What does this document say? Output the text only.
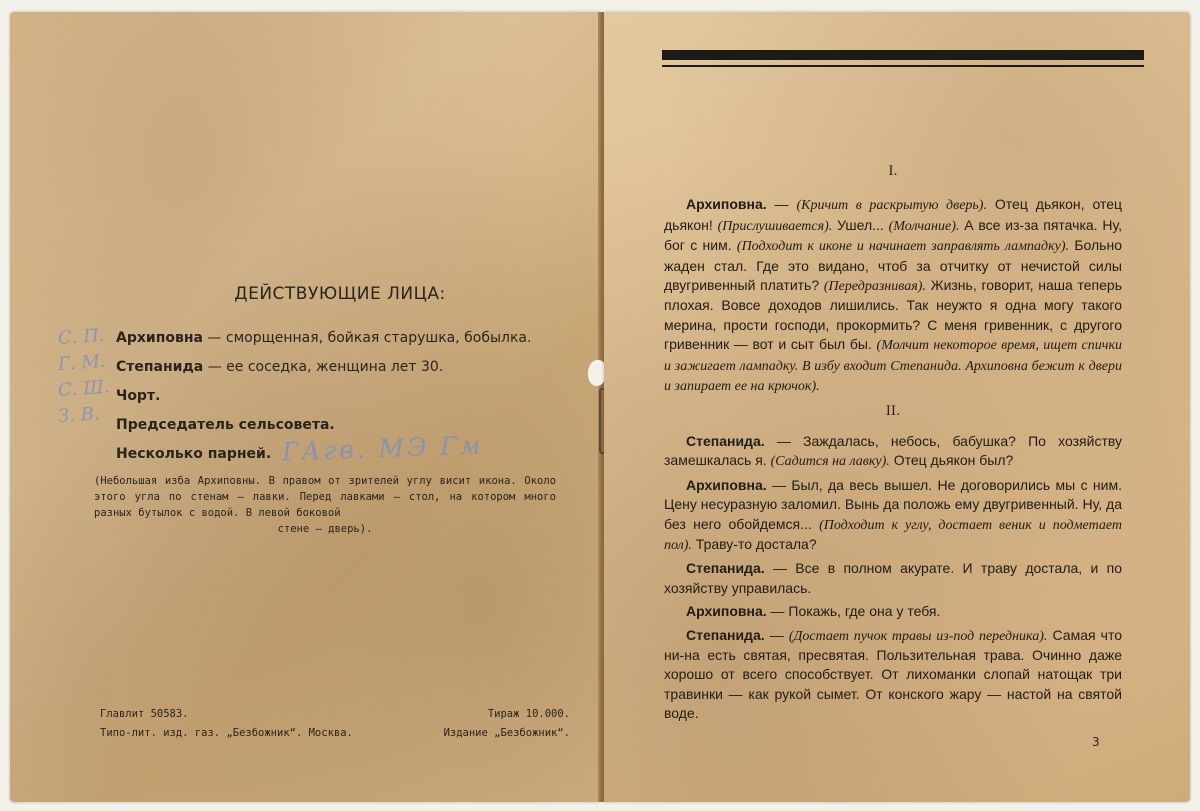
ДЕЙСТВУЮЩИЕ ЛИЦА:
Архиповна — сморщенная, бойкая старушка, бобылка.
Степанида — ее соседка, женщина лет 30.
Чорт.
Председатель сельсовета.
Несколько парней.
С. П.
Г. М.
С. Ш.
З. В.
ГАгв. МЭ Гм
(Небольшая изба Архиповны. В правом от зрителей углу висит икона. Около этого угла по стенам — лавки. Перед лавками — стол, на котором много разных бутылок с водой. В левой боковой
стене — дверь).
Главлит 50583.	Тираж 10.000.
Типо-лит. изд. газ. „Безбожник“. Москва.	Издание „Безбожник“.

I.

Архиповна. — (Кричит в раскрытую дверь). Отец дьякон, отец дьякон! (Прислушивается). Ушел... (Молчание). А все из-за пятачка. Ну, бог с ним. (Подходит к иконе и начинает заправлять лампадку). Больно жаден стал. Где это видано, чтоб за отчитку от нечистой силы двугривенный платить? (Передразнивая). Жизнь, говорит, наша теперь плохая. Вовсе доходов лишились. Так неужто я одна могу такого мерина, прости господи, прокормить? С меня гривенник, с другого гривенник — вот и сыт был бы. (Молчит некоторое время, ищет спички и зажигает лампадку. В избу входит Степанида. Архиповна бежит к двери и запирает ее на крючок).

II.

Степанида. — Заждалась, небось, бабушка? По хозяйству замешкалась я. (Садится на лавку). Отец дьякон был?

Архиповна. — Был, да весь вышел. Не договорились мы с ним. Цену несуразную заломил. Вынь да положь ему двугривенный. Ну, да без него обойдемся... (Подходит к углу, достает веник и подметает пол). Траву-то достала?

Степанида. — Все в полном акурате. И траву достала, и по хозяйству управилась.

Архиповна. — Покажь, где она у тебя.

Степанида. — (Достает пучок травы из-под передника). Самая что ни-на есть святая, пресвятая. Пользительная трава. Очинно даже хорошо от всего способствует. От лихоманки слопай натощак три травинки — как рукой сымет. От конского жару — настой на святой воде.

3
